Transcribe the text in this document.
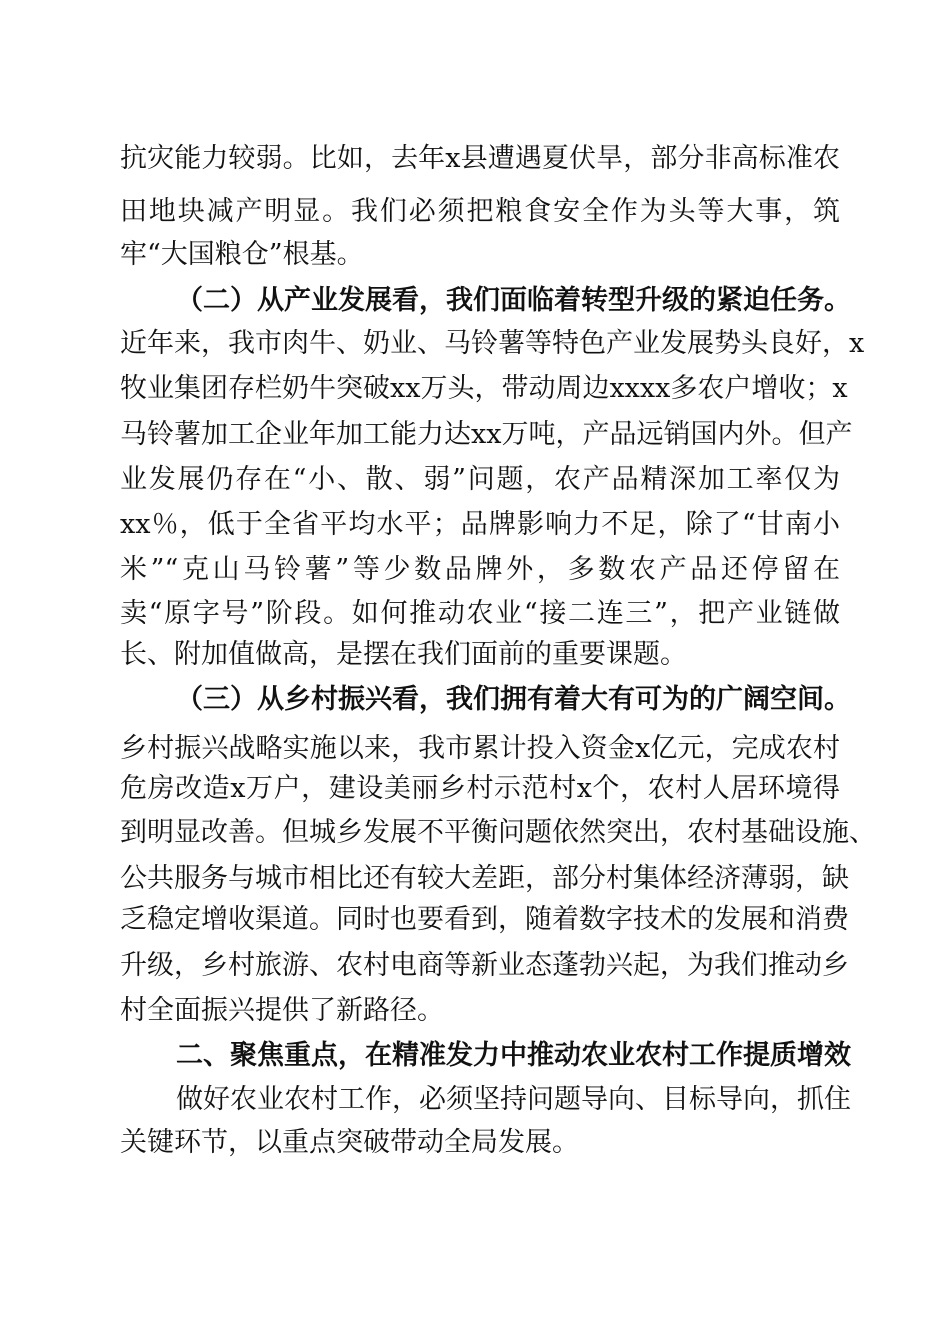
抗灾能力较弱。比如，去年x县遭遇夏伏旱，部分非高标准农
田地块减产明显。我们必须把粮食安全作为头等大事，筑
牢“大国粮仓”根基。
（二）从产业发展看，我们面临着转型升级的紧迫任务。
近年来，我市肉牛、奶业、马铃薯等特色产业发展势头良好，x
牧业集团存栏奶牛突破xx万头，带动周边xxxx多农户增收；x
马铃薯加工企业年加工能力达xx万吨，产品远销国内外。但产
业发展仍存在“小、散、弱”问题，农产品精深加工率仅为
xx％，低于全省平均水平；品牌影响力不足，除了“甘南小
米”“克山马铃薯”等少数品牌外，多数农产品还停留在
卖“原字号”阶段。如何推动农业“接二连三”，把产业链做
长、附加值做高，是摆在我们面前的重要课题。
（三）从乡村振兴看，我们拥有着大有可为的广阔空间。
乡村振兴战略实施以来，我市累计投入资金x亿元，完成农村
危房改造x万户，建设美丽乡村示范村x个，农村人居环境得
到明显改善。但城乡发展不平衡问题依然突出，农村基础设施、
公共服务与城市相比还有较大差距，部分村集体经济薄弱，缺
乏稳定增收渠道。同时也要看到，随着数字技术的发展和消费
升级，乡村旅游、农村电商等新业态蓬勃兴起，为我们推动乡
村全面振兴提供了新路径。
二、聚焦重点，在精准发力中推动农业农村工作提质增效
做好农业农村工作，必须坚持问题导向、目标导向，抓住
关键环节，以重点突破带动全局发展。
